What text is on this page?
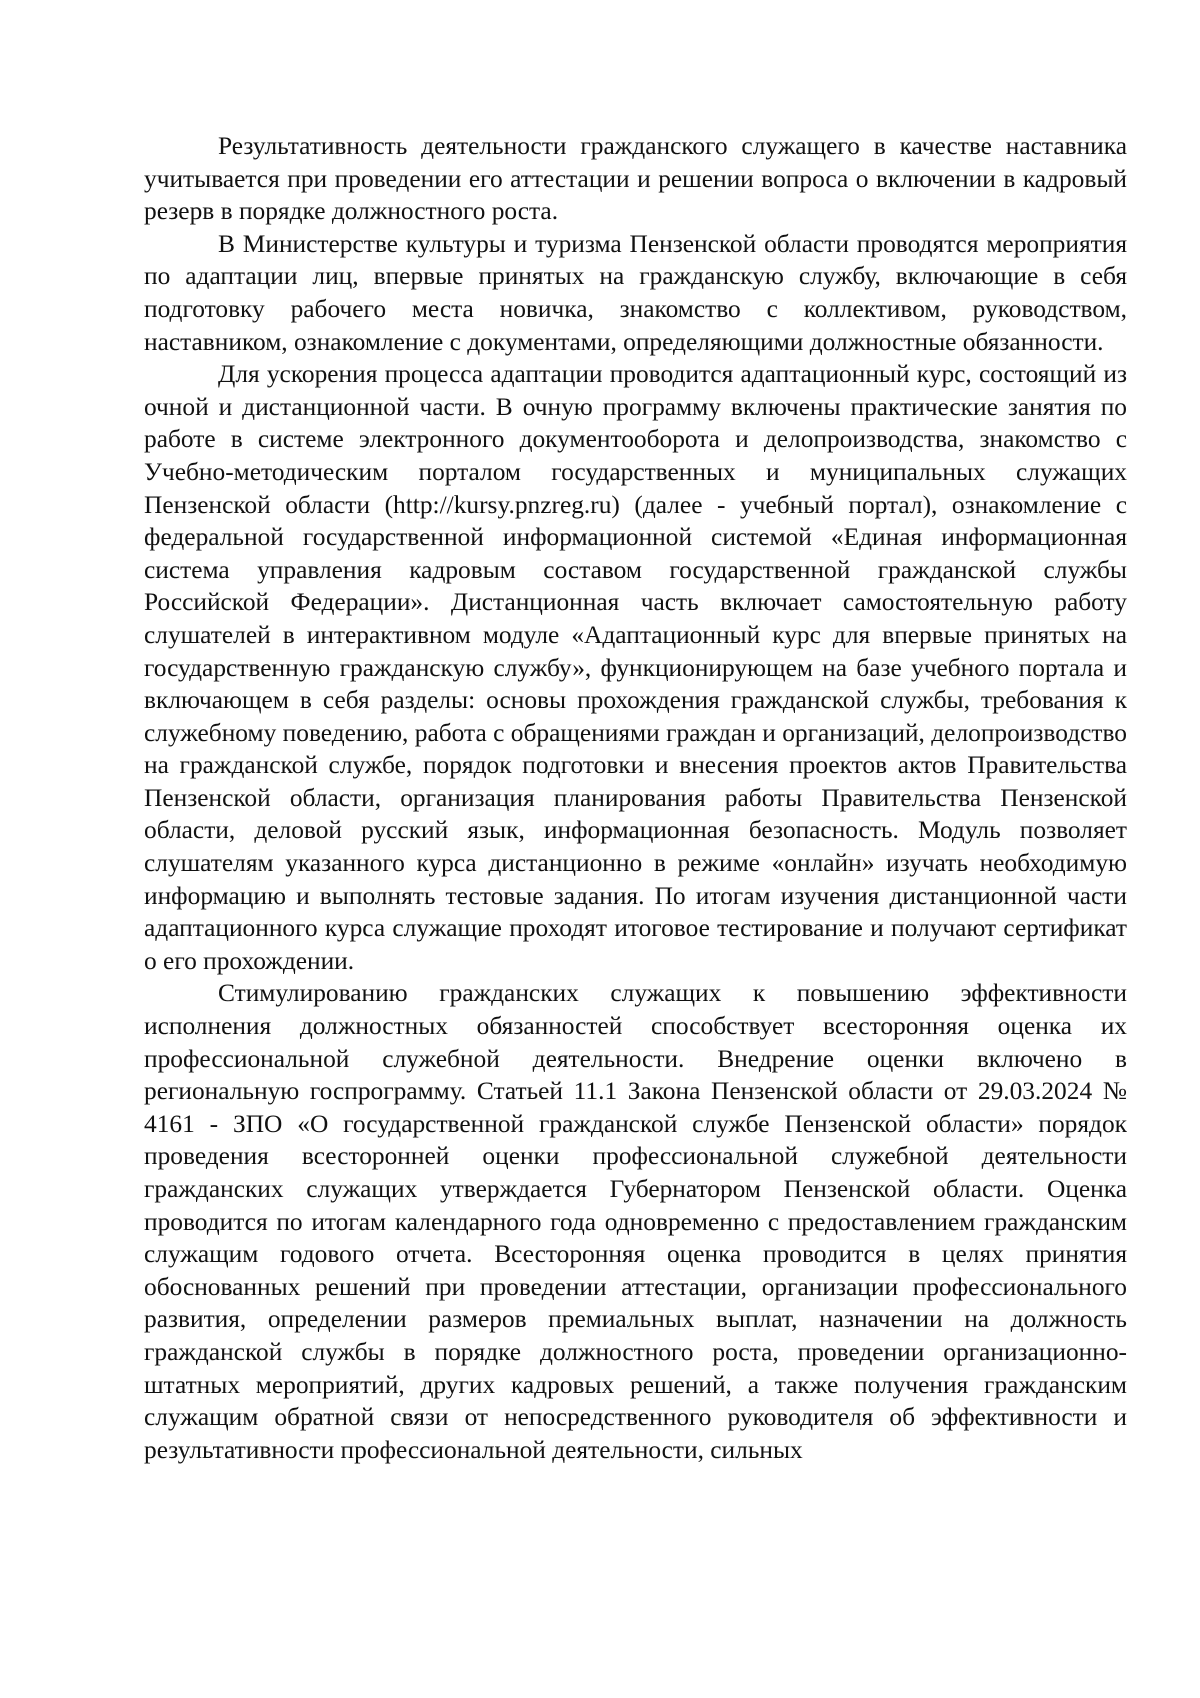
Результативность деятельности гражданского служащего в качестве наставника учитывается при проведении его аттестации и решении вопроса о включении в кадровый резерв в порядке должностного роста.

В Министерстве культуры и туризма Пензенской области проводятся мероприятия по адаптации лиц, впервые принятых на гражданскую службу, включающие в себя подготовку рабочего места новичка, знакомство с коллективом, руководством, наставником, ознакомление с документами, определяющими должностные обязанности.

Для ускорения процесса адаптации проводится адаптационный курс, состоящий из очной и дистанционной части. В очную программу включены практические занятия по работе в системе электронного документооборота и делопроизводства, знакомство с Учебно-методическим порталом государственных и муниципальных служащих Пензенской области (http://kursy.pnzreg.ru) (далее - учебный портал), ознакомление с федеральной государственной информационной системой «Единая информационная система управления кадровым составом государственной гражданской службы Российской Федерации». Дистанционная часть включает самостоятельную работу слушателей в интерактивном модуле «Адаптационный курс для впервые принятых на государственную гражданскую службу», функционирующем на базе учебного портала и включающем в себя разделы: основы прохождения гражданской службы, требования к служебному поведению, работа с обращениями граждан и организаций, делопроизводство на гражданской службе, порядок подготовки и внесения проектов актов Правительства Пензенской области, организация планирования работы Правительства Пензенской области, деловой русский язык, информационная безопасность. Модуль позволяет слушателям указанного курса дистанционно в режиме «онлайн» изучать необходимую информацию и выполнять тестовые задания. По итогам изучения дистанционной части адаптационного курса служащие проходят итоговое тестирование и получают сертификат о его прохождении.

Стимулированию гражданских служащих к повышению эффективности исполнения должностных обязанностей способствует всесторонняя оценка их профессиональной служебной деятельности. Внедрение оценки включено в региональную госпрограмму. Статьей 11.1 Закона Пензенской области от 29.03.2024 № 4161 - ЗПО «О государственной гражданской службе Пензенской области» порядок проведения всесторонней оценки профессиональной служебной деятельности гражданских служащих утверждается Губернатором Пензенской области. Оценка проводится по итогам календарного года одновременно с предоставлением гражданским служащим годового отчета. Всесторонняя оценка проводится в целях принятия обоснованных решений при проведении аттестации, организации профессионального развития, определении размеров премиальных выплат, назначении на должность гражданской службы в порядке должностного роста, проведении организационно-штатных мероприятий, других кадровых решений, а также получения гражданским служащим обратной связи от непосредственного руководителя об эффективности и результативности профессиональной деятельности, сильных
